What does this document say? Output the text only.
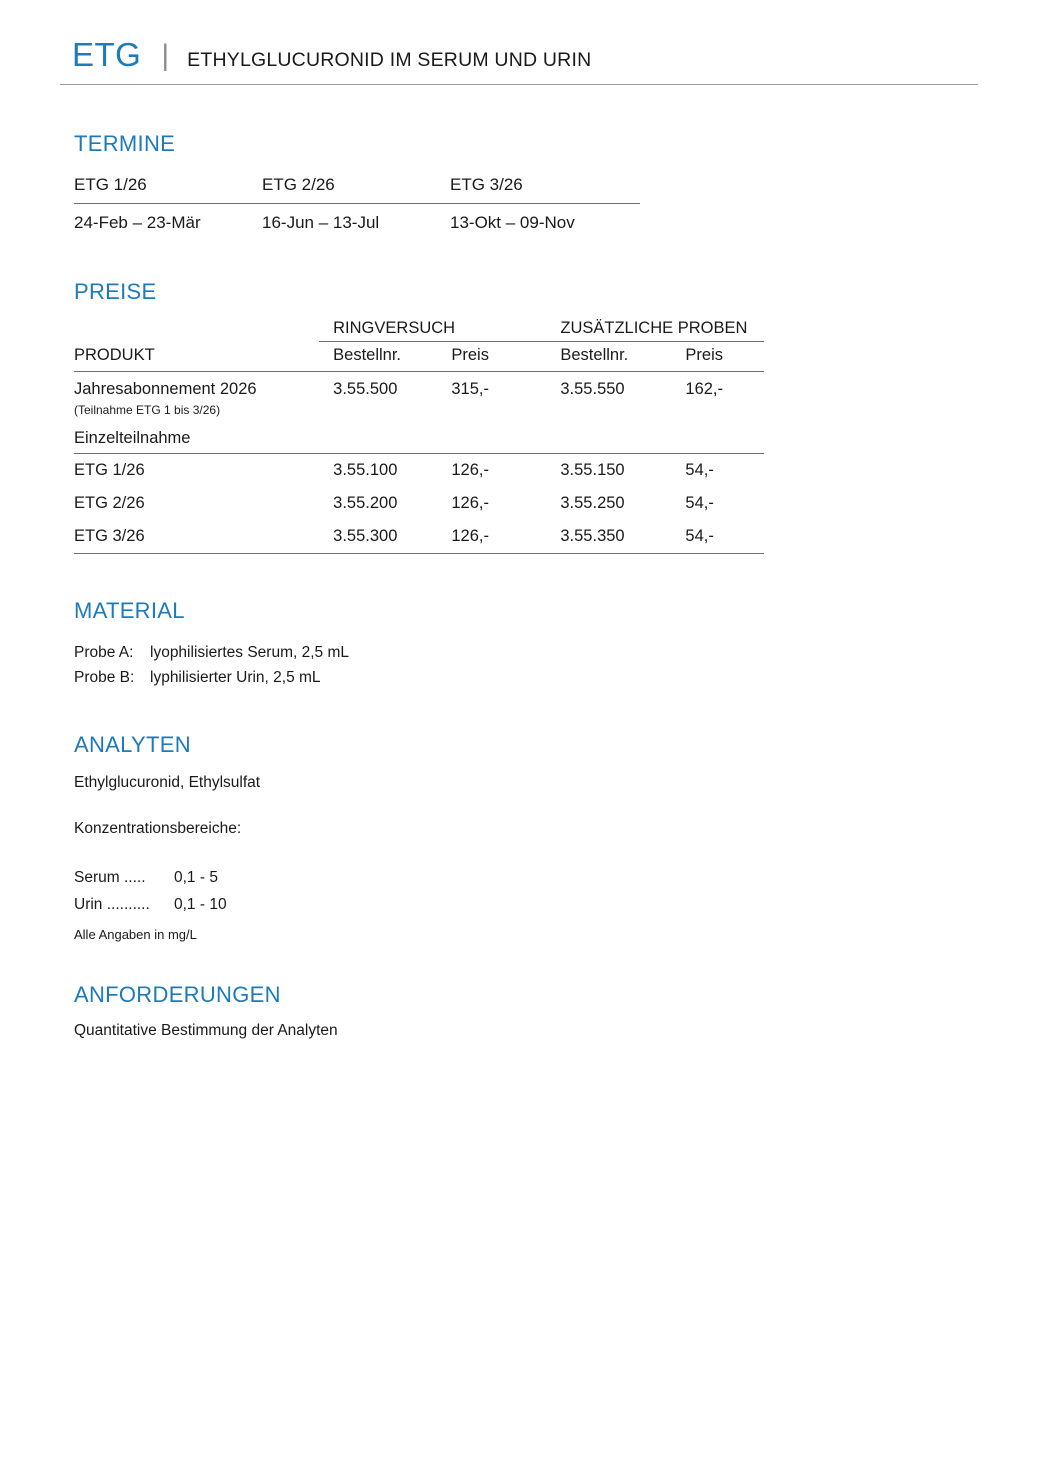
ETG | ETHYLGLUCURONID IM SERUM UND URIN
TERMINE
ETG 1/26	ETG 2/26	ETG 3/26
24-Feb – 23-Mär	16-Jun – 13-Jul	13-Okt – 09-Nov
PREISE
	RINGVERSUCH		ZUSÄTZLICHE PROBEN	
PRODUKT	Bestellnr.	Preis	Bestellnr.	Preis
Jahresabonnement 2026	3.55.500	315,-	3.55.550	162,-
(Teilnahme ETG 1 bis 3/26)				
Einzelteilnahme				
ETG 1/26	3.55.100	126,-	3.55.150	54,-
ETG 2/26	3.55.200	126,-	3.55.250	54,-
ETG 3/26	3.55.300	126,-	3.55.350	54,-
MATERIAL
Probe A: lyophilisiertes Serum, 2,5 mL
Probe B: lyphilisierter Urin, 2,5 mL
ANALYTEN
Ethylglucuronid, Ethylsulfat
Konzentrationsbereiche:
Serum ..... 0,1 - 5
Urin .......... 0,1 - 10
Alle Angaben in mg/L
ANFORDERUNGEN
Quantitative Bestimmung der Analyten
